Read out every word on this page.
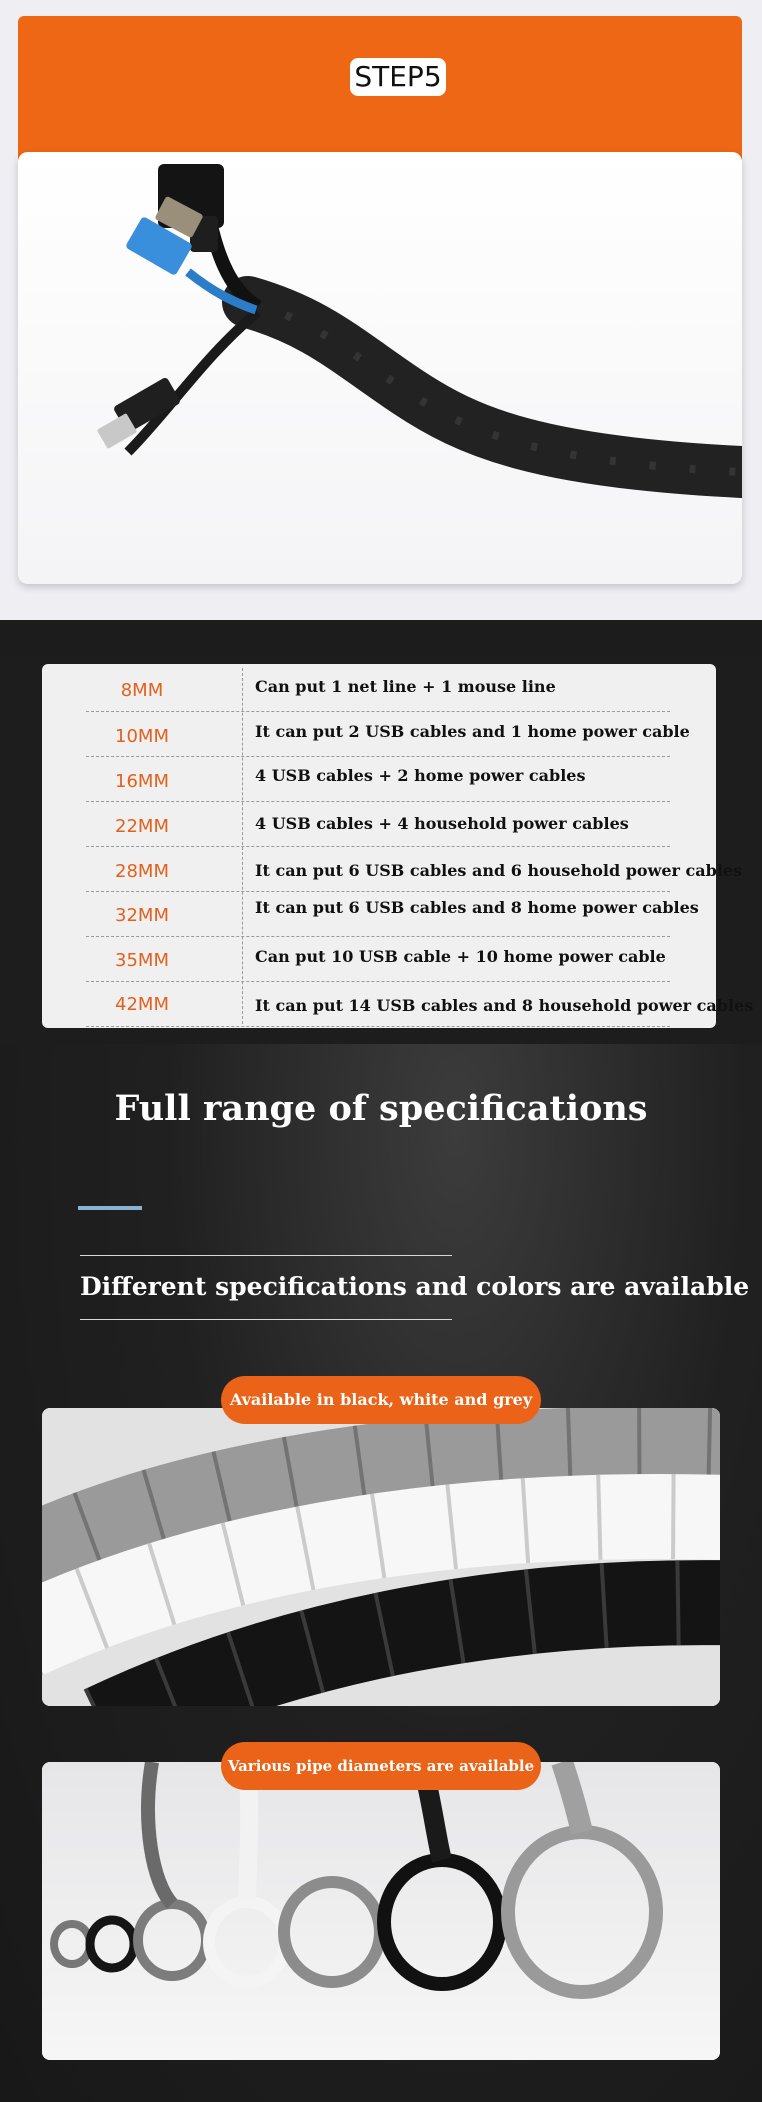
STEP5
8MM	Can put 1 net line + 1 mouse line
10MM	It can put 2 USB cables and 1 home power cable
16MM	4 USB cables + 2 home power cables
22MM	4 USB cables + 4 household power cables
28MM	It can put 6 USB cables and 6 household power cables
32MM	It can put 6 USB cables and 8 home power cables
35MM	Can put 10 USB cable + 10 home power cable
42MM	It can put 14 USB cables and 8 household power cables
Full range of specifications
Different specifications and colors are available
Available in black, white and grey
Various pipe diameters are available
